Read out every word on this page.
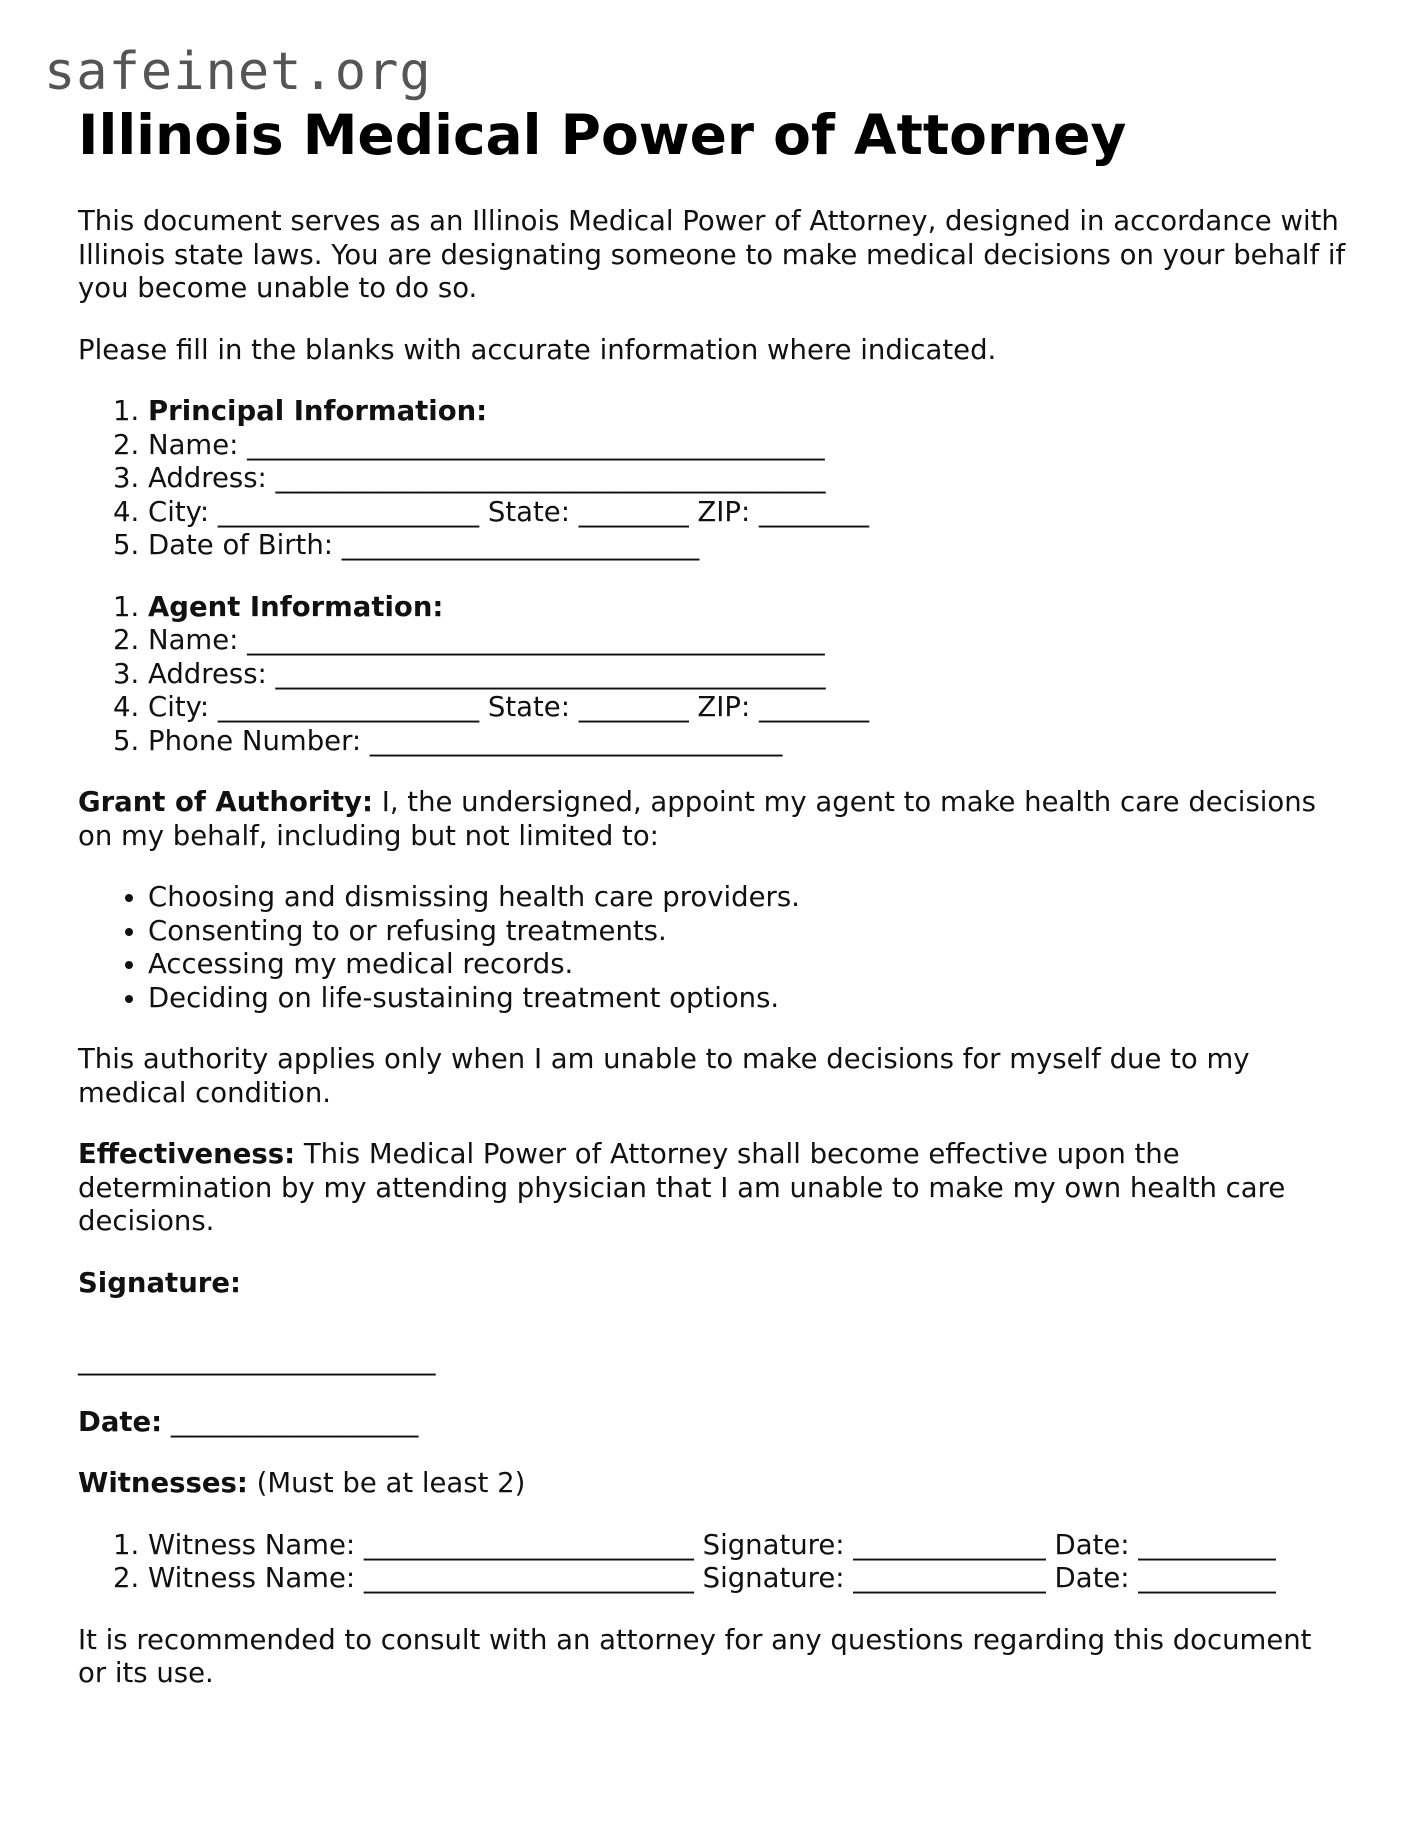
safeinet.org
Illinois Medical Power of Attorney

This document serves as an Illinois Medical Power of Attorney, designed in accordance with Illinois state laws. You are designating someone to make medical decisions on your behalf if you become unable to do so.

Please fill in the blanks with accurate information where indicated.

1. Principal Information:
2. Name: __________________________________________
3. Address: ________________________________________
4. City: ___________________ State: ________ ZIP: ________
5. Date of Birth: __________________________
1. Agent Information:
2. Name: __________________________________________
3. Address: ________________________________________
4. City: ___________________ State: ________ ZIP: ________
5. Phone Number: ______________________________

Grant of Authority: I, the undersigned, appoint my agent to make health care decisions on my behalf, including but not limited to:

• Choosing and dismissing health care providers.
• Consenting to or refusing treatments.
• Accessing my medical records.
• Deciding on life-sustaining treatment options.

This authority applies only when I am unable to make decisions for myself due to my medical condition.

Effectiveness: This Medical Power of Attorney shall become effective upon the determination by my attending physician that I am unable to make my own health care decisions.

Signature:

__________________________

Date: __________________

Witnesses: (Must be at least 2)

1. Witness Name: ________________________ Signature: ______________ Date: __________
2. Witness Name: ________________________ Signature: ______________ Date: __________

It is recommended to consult with an attorney for any questions regarding this document or its use.
